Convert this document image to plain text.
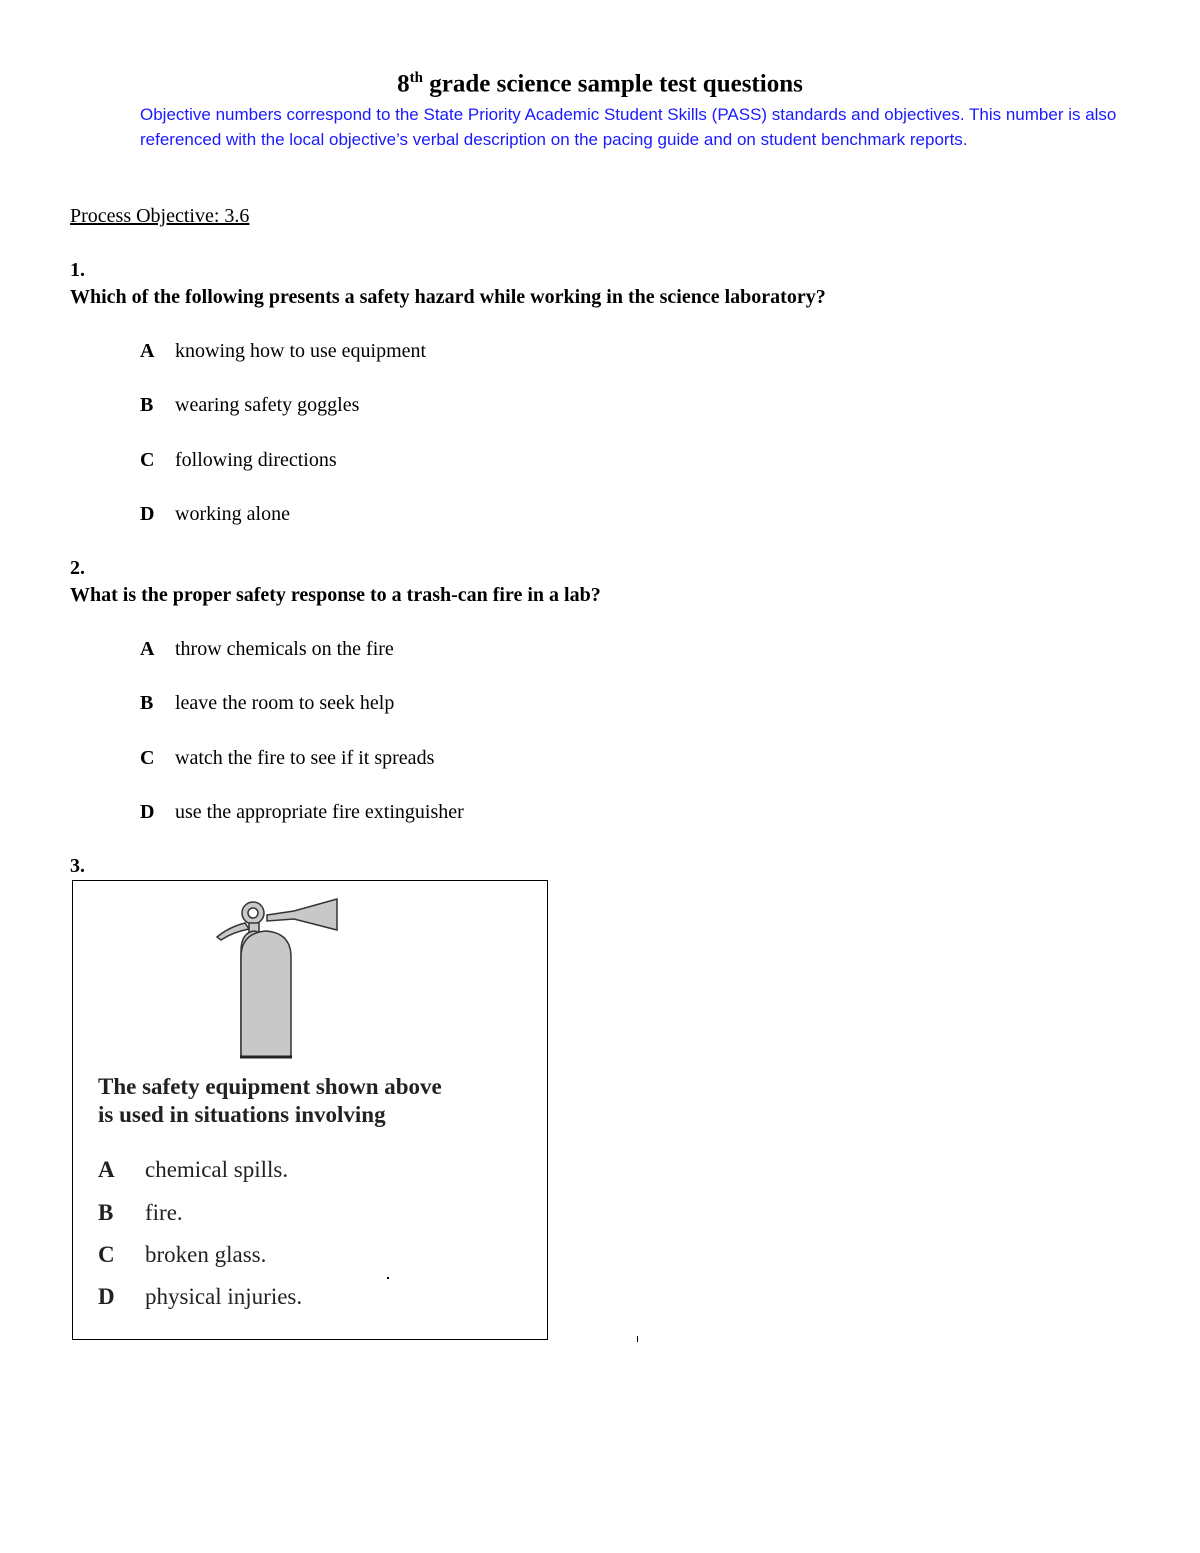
8th grade science sample test questions
Objective numbers correspond to the State Priority Academic Student Skills (PASS) standards and objectives. This number is also referenced with the local objective’s verbal description on the pacing guide and on student benchmark reports.
Process Objective: 3.6
1.
Which of the following presents a safety hazard while working in the science laboratory?
A knowing how to use equipment
B wearing safety goggles
C following directions
D working alone
2.
What is the proper safety response to a trash-can fire in a lab?
A throw chemicals on the fire
B leave the room to seek help
C watch the fire to see if it spreads
D use the appropriate fire extinguisher
3.
The safety equipment shown above
is used in situations involving
A chemical spills.
B fire.
C broken glass.
D physical injuries.
